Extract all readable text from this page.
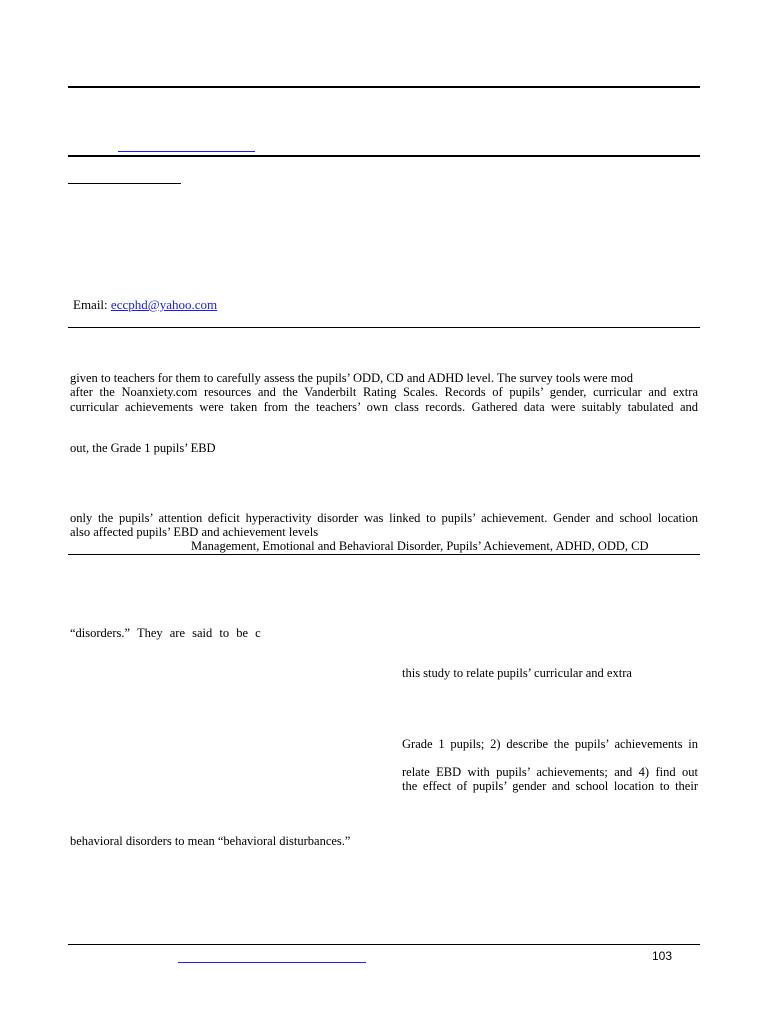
Email: eccphd@yahoo.com
given to teachers for them to carefully assess the pupils’ ODD, CD and ADHD level. The survey tools were mod
after the Noanxiety.com resources and the Vanderbilt Rating Scales. Records of pupils’ gender, curricular and extra
curricular achievements were taken from the teachers’ own class records. Gathered data were suitably tabulated and
out, the Grade 1 pupils’ EBD
only the pupils’ attention deficit hyperactivity disorder was linked to pupils’ achievement. Gender and school location
also affected pupils’ EBD and achievement levels
Management, Emotional and Behavioral Disorder, Pupils’ Achievement, ADHD, ODD, CD
“disorders.” They are said to be c
this study to relate pupils’ curricular and extra
Grade 1 pupils; 2) describe the pupils’ achievements in
relate EBD with pupils’ achievements; and 4) find out
the effect of pupils’ gender and school location to their
behavioral disorders to mean “behavioral disturbances.”
103
